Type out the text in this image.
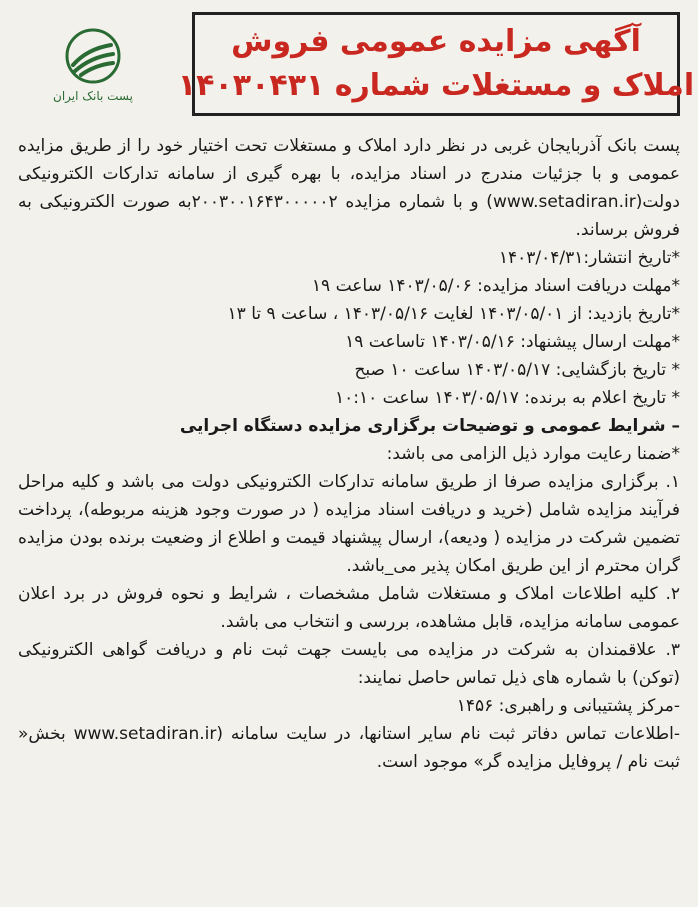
پست بانک ایران
آگهی مزایده عمومی فروش
املاک و مستغلات شماره ۱۴۰۳۰۴۳۱

پست بانک آذربایجان غربی در نظر دارد املاک و مستغلات تحت اختیار خود را از طریق مزایده عمومی و با جزئیات مندرج در اسناد مزایده، با بهره گیری از سامانه تدارکات الکترونیکی دولت(www.setadiran.ir) و با شماره مزایده ۲۰۰۳۰۰۱۶۴۳۰۰۰۰۰۲به صورت الکترونیکی به فروش برساند.

*تاریخ انتشار:۱۴۰۳/۰۴/۳۱

*مهلت دریافت اسناد مزایده: ۱۴۰۳/۰۵/۰۶ ساعت ۱۹

*تاریخ بازدید: از ۱۴۰۳/۰۵/۰۱ لغایت ۱۴۰۳/۰۵/۱۶ ، ساعت ۹ تا ۱۳

*مهلت ارسال پیشنهاد: ۱۴۰۳/۰۵/۱۶ تاساعت ۱۹

* تاریخ بازگشایی: ۱۴۰۳/۰۵/۱۷ ساعت ۱۰ صبح

* تاریخ اعلام به برنده: ۱۴۰۳/۰۵/۱۷ ساعت ۱۰:۱۰

– شرایط عمومی و توضیحات برگزاری مزایده دستگاه اجرایی

*ضمنا رعایت موارد ذیل الزامی می باشد:

۱. برگزاری مزایده صرفا از طریق سامانه تدارکات الکترونیکی دولت می باشد و کلیه مراحل فرآیند مزایده شامل (خرید و دریافت اسناد مزایده ( در صورت وجود هزینه مربوطه)، پرداخت تضمین شرکت در مزایده ( ودیعه)، ارسال پیشنهاد قیمت و اطلاع از وضعیت برنده بودن مزایده گران محترم از این طریق امکان پذیر می_باشد.

۲. کلیه اطلاعات املاک و مستغلات شامل مشخصات ، شرایط و نحوه فروش در برد اعلان عمومی سامانه مزایده، قابل مشاهده، بررسی و انتخاب می باشد.

۳. علاقمندان به شرکت در مزایده می بایست جهت ثبت نام و دریافت گواهی الکترونیکی (توکن) با شماره های ذیل تماس حاصل نمایند:

-مرکز پشتیبانی و راهبری: ۱۴۵۶

-اطلاعات تماس دفاتر ثبت نام سایر استانها، در سایت سامانه (www.setadiran.ir بخش« ثبت نام / پروفایل مزایده گر» موجود است.
